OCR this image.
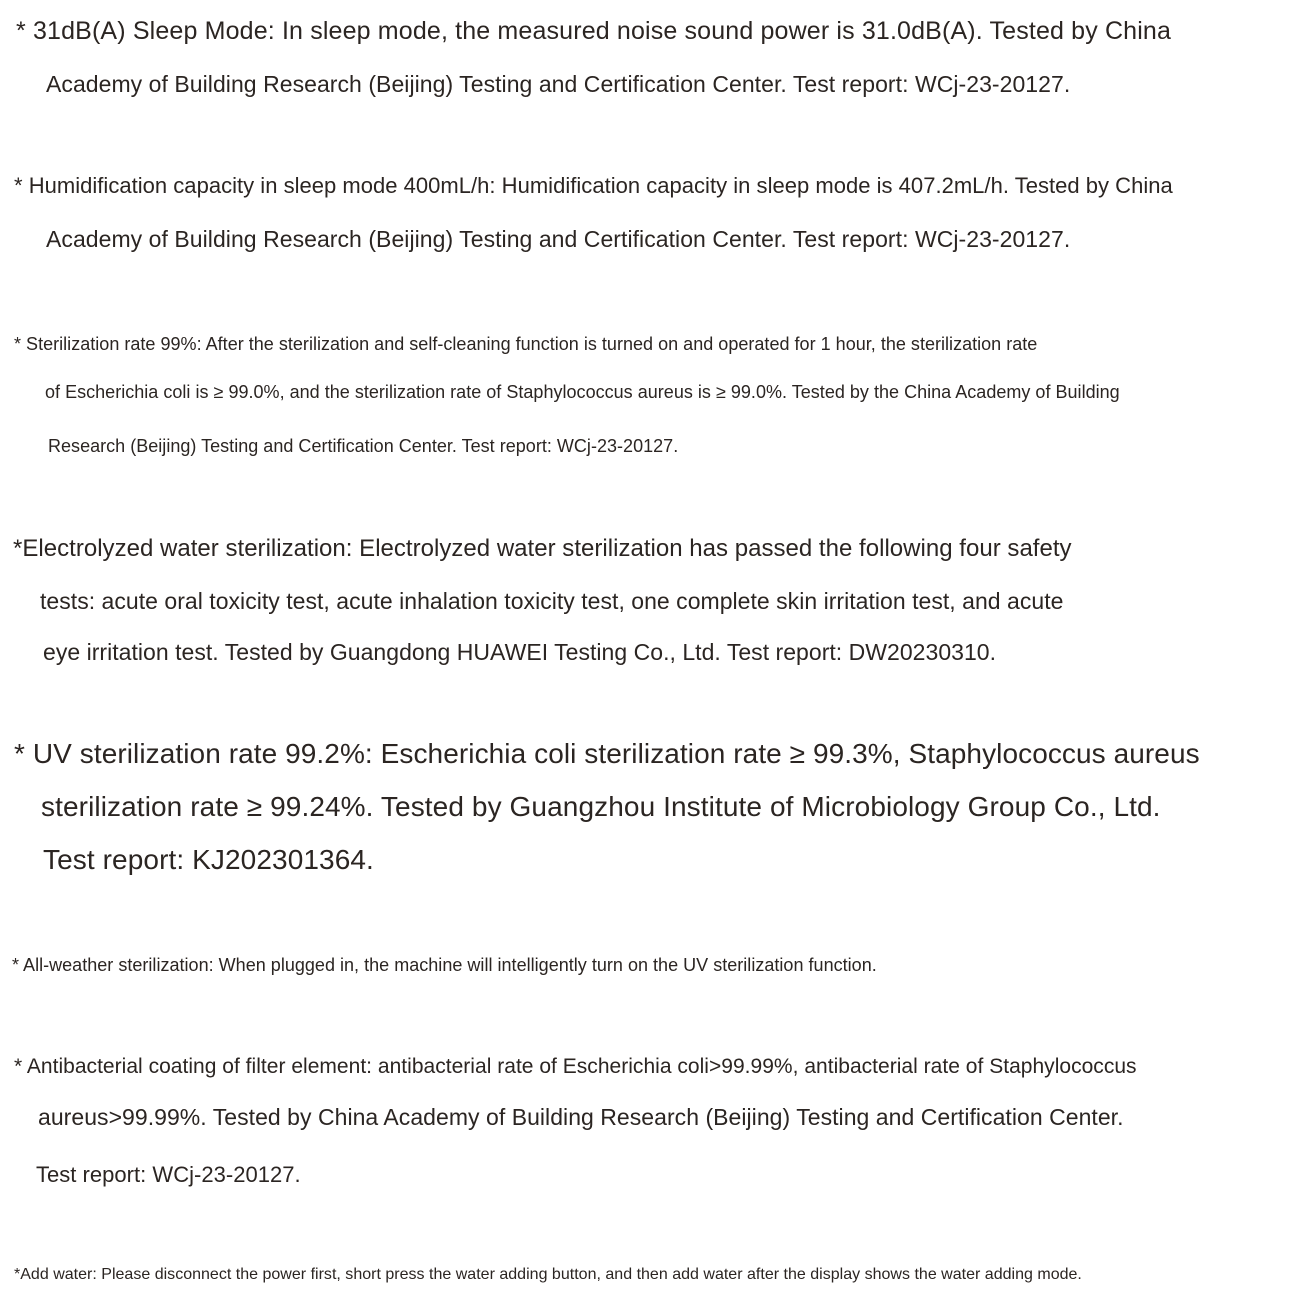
* 31dB(A) Sleep Mode: In sleep mode, the measured noise sound power is 31.0dB(A). Tested by China
Academy of Building Research (Beijing) Testing and Certification Center. Test report: WCj-23-20127.
* Humidification capacity in sleep mode 400mL/h: Humidification capacity in sleep mode is 407.2mL/h. Tested by China
Academy of Building Research (Beijing) Testing and Certification Center. Test report: WCj-23-20127.
* Sterilization rate 99%: After the sterilization and self-cleaning function is turned on and operated for 1 hour, the sterilization rate
of Escherichia coli is ≥ 99.0%, and the sterilization rate of Staphylococcus aureus is ≥ 99.0%. Tested by the China Academy of Building
Research (Beijing) Testing and Certification Center. Test report: WCj-23-20127.
*Electrolyzed water sterilization: Electrolyzed water sterilization has passed the following four safety
tests: acute oral toxicity test, acute inhalation toxicity test, one complete skin irritation test, and acute
eye irritation test. Tested by Guangdong HUAWEI Testing Co., Ltd. Test report: DW20230310.
* UV sterilization rate 99.2%: Escherichia coli sterilization rate ≥ 99.3%, Staphylococcus aureus
sterilization rate ≥ 99.24%. Tested by Guangzhou Institute of Microbiology Group Co., Ltd.
Test report: KJ202301364.
* All-weather sterilization: When plugged in, the machine will intelligently turn on the UV sterilization function.
* Antibacterial coating of filter element: antibacterial rate of Escherichia coli>99.99%, antibacterial rate of Staphylococcus
aureus>99.99%. Tested by China Academy of Building Research (Beijing) Testing and Certification Center.
Test report: WCj-23-20127.
*Add water: Please disconnect the power first, short press the water adding button, and then add water after the display shows the water adding mode.
